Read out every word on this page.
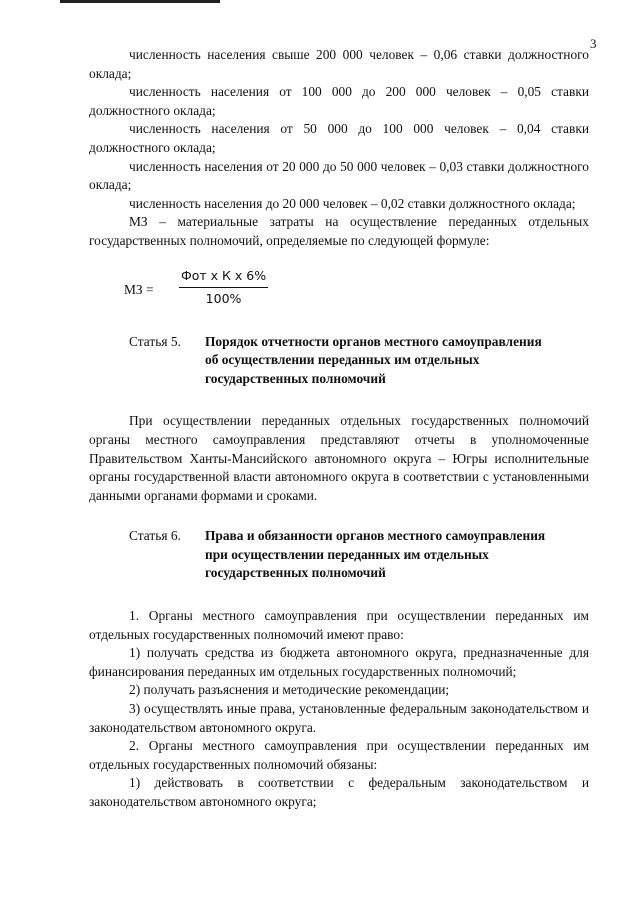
3

численность населения свыше 200 000 человек – 0,06 ставки должностного оклада;

численность населения от 100 000 до 200 000 человек – 0,05 ставки должностного оклада;

численность населения от 50 000 до 100 000 человек – 0,04 ставки должностного оклада;

численность населения от 20 000 до 50 000 человек – 0,03 ставки должностного оклада;

численность населения до 20 000 человек – 0,02 ставки должностного оклада;

МЗ – материальные затраты на осуществление переданных отдельных государственных полномочий, определяемые по следующей формуле:

МЗ =
Фот х К х 6%
100%
Статья 5. Порядок отчетности органов местного самоуправления
об осуществлении переданных им отдельных
государственных полномочий

При осуществлении переданных отдельных государственных полномочий органы местного самоуправления представляют отчеты в уполномоченные Правительством Ханты-Мансийского автономного округа – Югры исполнительные органы государственной власти автономного округа в соответствии с установленными данными органами формами и сроками.

Статья 6. Права и обязанности органов местного самоуправления
при осуществлении переданных им отдельных
государственных полномочий

1. Органы местного самоуправления при осуществлении переданных им отдельных государственных полномочий имеют право:

1) получать средства из бюджета автономного округа, предназначенные для финансирования переданных им отдельных государственных полномочий;

2) получать разъяснения и методические рекомендации;

3) осуществлять иные права, установленные федеральным законодательством и законодательством автономного округа.

2. Органы местного самоуправления при осуществлении переданных им отдельных государственных полномочий обязаны:

1) действовать в соответствии с федеральным законодательством и законодательством автономного округа;
